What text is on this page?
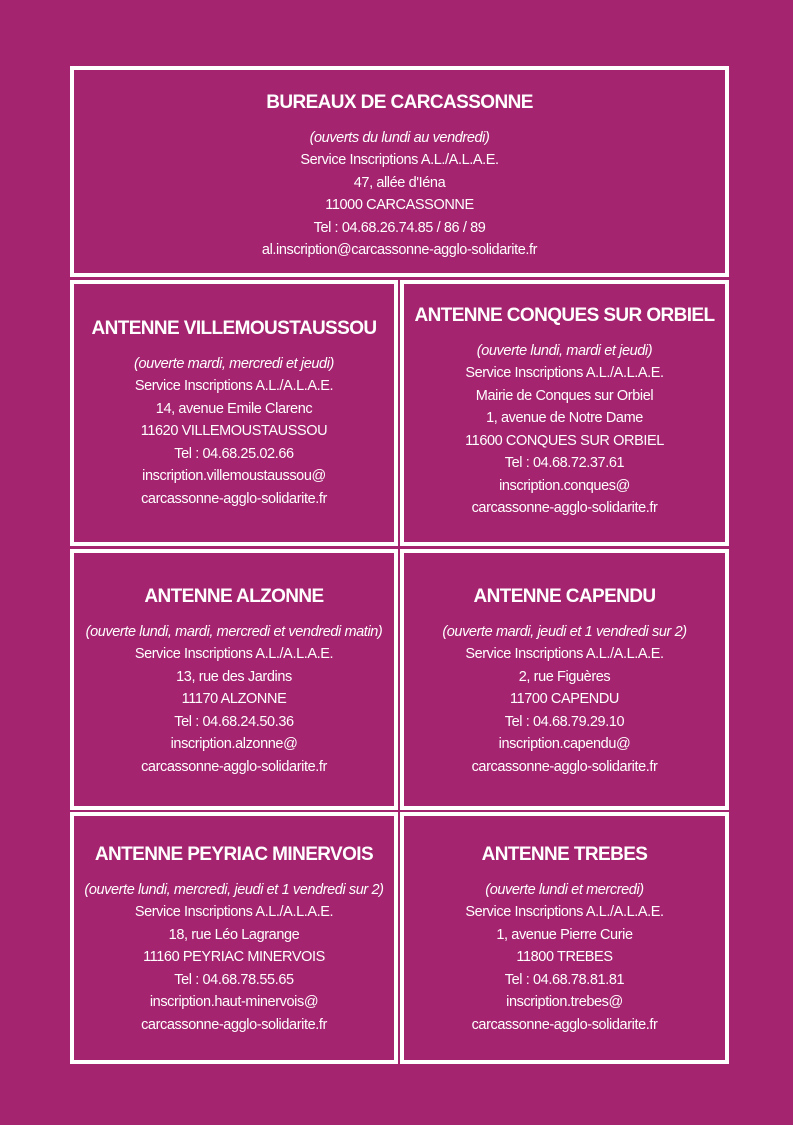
BUREAUX DE CARCASSONNE
(ouverts du lundi au vendredi)
Service Inscriptions A.L./A.L.A.E.
47, allée d'Iéna
11000 CARCASSONNE
Tel : 04.68.26.74.85 / 86 / 89
al.inscription@carcassonne-agglo-solidarite.fr
ANTENNE VILLEMOUSTAUSSOU
(ouverte mardi, mercredi et jeudi)
Service Inscriptions A.L./A.L.A.E.
14, avenue Emile Clarenc
11620 VILLEMOUSTAUSSOU
Tel : 04.68.25.02.66
inscription.villemoustaussou@
carcassonne-agglo-solidarite.fr
ANTENNE CONQUES SUR ORBIEL
(ouverte lundi, mardi et jeudi)
Service Inscriptions A.L./A.L.A.E.
Mairie de Conques sur Orbiel
1, avenue de Notre Dame
11600 CONQUES SUR ORBIEL
Tel : 04.68.72.37.61
inscription.conques@
carcassonne-agglo-solidarite.fr
ANTENNE ALZONNE
(ouverte lundi, mardi, mercredi et vendredi matin)
Service Inscriptions A.L./A.L.A.E.
13, rue des Jardins
11170 ALZONNE
Tel : 04.68.24.50.36
inscription.alzonne@
carcassonne-agglo-solidarite.fr
ANTENNE CAPENDU
(ouverte mardi, jeudi et 1 vendredi sur 2)
Service Inscriptions A.L./A.L.A.E.
2, rue Figuères
11700 CAPENDU
Tel : 04.68.79.29.10
inscription.capendu@
carcassonne-agglo-solidarite.fr
ANTENNE PEYRIAC MINERVOIS
(ouverte lundi, mercredi, jeudi et 1 vendredi sur 2)
Service Inscriptions A.L./A.L.A.E.
18, rue Léo Lagrange
11160 PEYRIAC MINERVOIS
Tel : 04.68.78.55.65
inscription.haut-minervois@
carcassonne-agglo-solidarite.fr
ANTENNE TREBES
(ouverte lundi et mercredi)
Service Inscriptions A.L./A.L.A.E.
1, avenue Pierre Curie
11800 TREBES
Tel : 04.68.78.81.81
inscription.trebes@
carcassonne-agglo-solidarite.fr
